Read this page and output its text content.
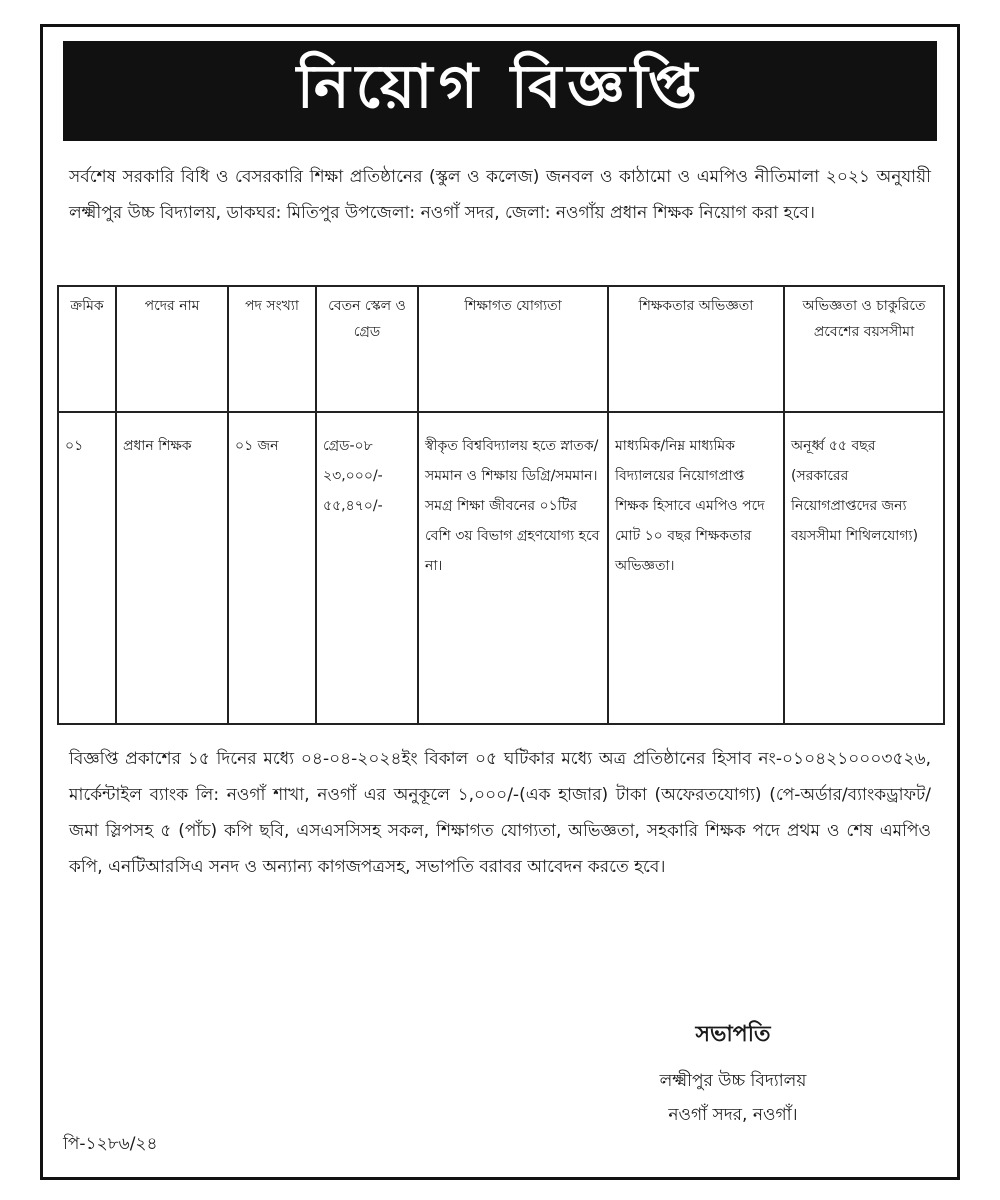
নিয়োগ বিজ্ঞপ্তি
সর্বশেষ সরকারি বিধি ও বেসরকারি শিক্ষা প্রতিষ্ঠানের (স্কুল ও কলেজ) জনবল ও কাঠামো ও এমপিও নীতিমালা ২০২১ অনুযায়ী লক্ষ্মীপুর উচ্চ বিদ্যালয়, ডাকঘর: মিতিপুর উপজেলা: নওগাঁ সদর, জেলা: নওগাঁয় প্রধান শিক্ষক নিয়োগ করা হবে।
ক্রমিক	পদের নাম	পদ সংখ্যা	বেতন স্কেল ও গ্রেড	শিক্ষাগত যোগ্যতা	শিক্ষকতার অভিজ্ঞতা	অভিজ্ঞতা ও চাকুরিতে প্রবেশের বয়সসীমা
০১	প্রধান শিক্ষক	০১ জন	গ্রেড-০৮ ২৩,০০০/- ৫৫,৪৭০/-	স্বীকৃত বিশ্ববিদ্যালয় হতে স্নাতক/সমমান ও শিক্ষায় ডিগ্রি/সমমান। সমগ্র শিক্ষা জীবনের ০১টির বেশি ৩য় বিভাগ গ্রহণযোগ্য হবে না।	মাধ্যমিক/নিম্ন মাধ্যমিক বিদ্যালয়ের নিয়োগপ্রাপ্ত শিক্ষক হিসাবে এমপিও পদে মোট ১০ বছর শিক্ষকতার অভিজ্ঞতা।	অনূর্ধ্ব ৫৫ বছর (সরকারের নিয়োগপ্রাপ্তদের জন্য বয়সসীমা শিথিলযোগ্য)
বিজ্ঞপ্তি প্রকাশের ১৫ দিনের মধ্যে ০৪-০৪-২০২৪ইং বিকাল ০৫ ঘটিকার মধ্যে অত্র প্রতিষ্ঠানের হিসাব নং-০১০৪২১০০০৩৫২৬, মার্কেন্টাইল ব্যাংক লি: নওগাঁ শাখা, নওগাঁ এর অনুকূলে ১,০০০/-(এক হাজার) টাকা (অফেরতযোগ্য) (পে-অর্ডার/ব্যাংকড্রাফট/জমা স্লিপসহ ৫ (পাঁচ) কপি ছবি, এসএসসিসহ সকল, শিক্ষাগত যোগ্যতা, অভিজ্ঞতা, সহকারি শিক্ষক পদে প্রথম ও শেষ এমপিও কপি, এনটিআরসিএ সনদ ও অন্যান্য কাগজপত্রসহ, সভাপতি বরাবর আবেদন করতে হবে।
সভাপতি
লক্ষ্মীপুর উচ্চ বিদ্যালয়
নওগাঁ সদর, নওগাঁ।
পি-১২৮৬/২৪
